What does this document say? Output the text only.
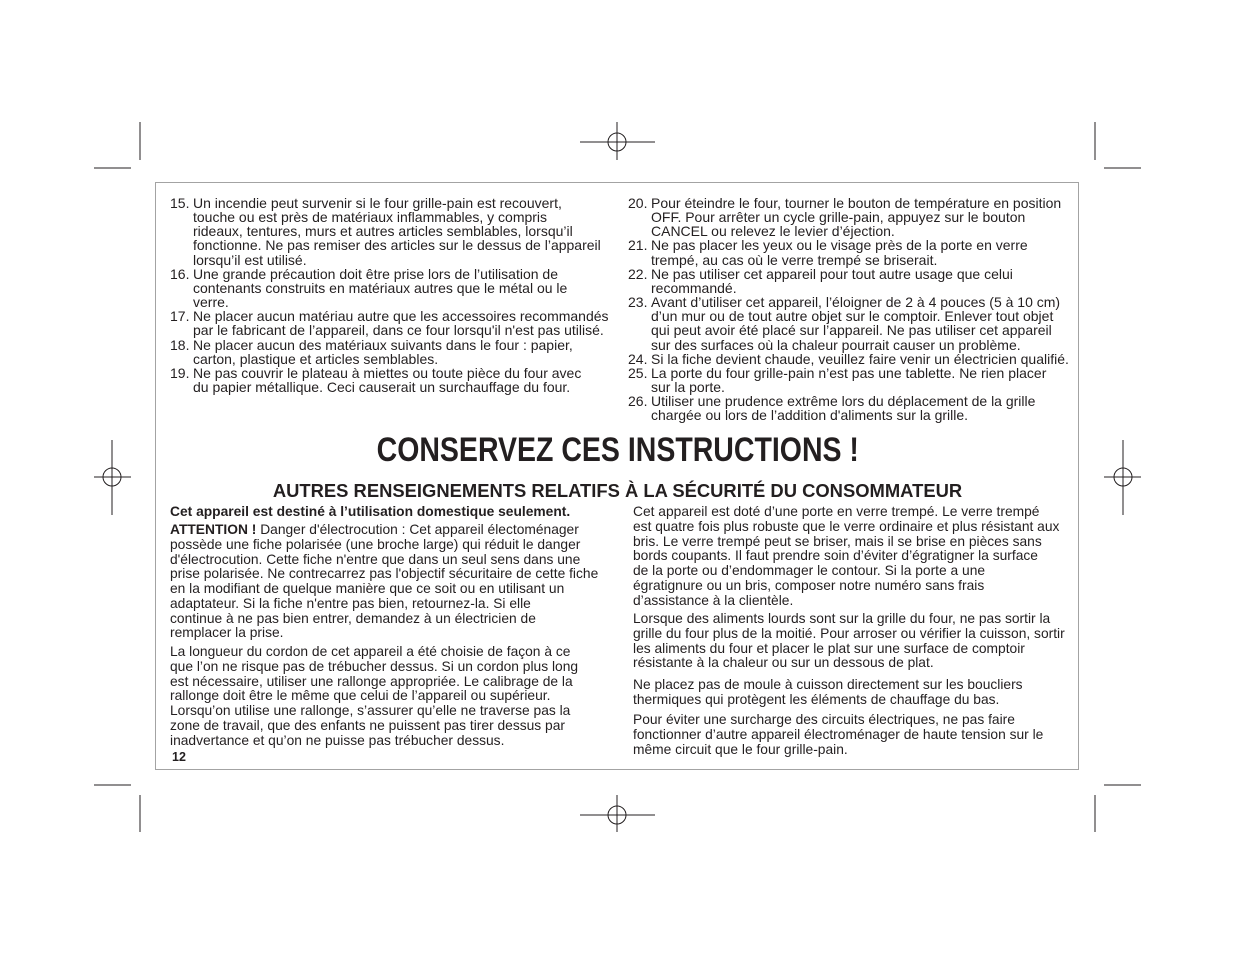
15. Un incendie peut survenir si le four grille-pain est recouvert,
touche ou est près de matériaux inflammables, y compris
rideaux, tentures, murs et autres articles semblables, lorsqu’il
fonctionne. Ne pas remiser des articles sur le dessus de l’appareil
lorsqu’il est utilisé.
16. Une grande précaution doit être prise lors de l’utilisation de
contenants construits en matériaux autres que le métal ou le
verre.
17. Ne placer aucun matériau autre que les accessoires recommandés
par le fabricant de l’appareil, dans ce four lorsqu'il n'est pas utilisé.
18. Ne placer aucun des matériaux suivants dans le four : papier,
carton, plastique et articles semblables.
19. Ne pas couvrir le plateau à miettes ou toute pièce du four avec
du papier métallique. Ceci causerait un surchauffage du four.
20. Pour éteindre le four, tourner le bouton de température en position
OFF. Pour arrêter un cycle grille-pain, appuyez sur le bouton
CANCEL ou relevez le levier d’éjection.
21. Ne pas placer les yeux ou le visage près de la porte en verre
trempé, au cas où le verre trempé se briserait.
22. Ne pas utiliser cet appareil pour tout autre usage que celui
recommandé.
23. Avant d’utiliser cet appareil, l’éloigner de 2 à 4 pouces (5 à 10 cm)
d’un mur ou de tout autre objet sur le comptoir. Enlever tout objet
qui peut avoir été placé sur l’appareil. Ne pas utiliser cet appareil
sur des surfaces où la chaleur pourrait causer un problème.
24. Si la fiche devient chaude, veuillez faire venir un électricien qualifié.
25. La porte du four grille-pain n’est pas une tablette. Ne rien placer
sur la porte.
26. Utiliser une prudence extrême lors du déplacement de la grille
chargée ou lors de l’addition d'aliments sur la grille.
CONSERVEZ CES INSTRUCTIONS !
AUTRES RENSEIGNEMENTS RELATIFS À LA SÉCURITÉ DU CONSOMMATEUR
Cet appareil est destiné à l’utilisation domestique seulement.
ATTENTION ! Danger d'électrocution : Cet appareil électoménager
possède une fiche polarisée (une broche large) qui réduit le danger
d'électrocution. Cette fiche n'entre que dans un seul sens dans une
prise polarisée. Ne contrecarrez pas l'objectif sécuritaire de cette fiche
en la modifiant de quelque manière que ce soit ou en utilisant un
adaptateur. Si la fiche n'entre pas bien, retournez-la. Si elle
continue à ne pas bien entrer, demandez à un électricien de
remplacer la prise.
La longueur du cordon de cet appareil a été choisie de façon à ce
que l’on ne risque pas de trébucher dessus. Si un cordon plus long
est nécessaire, utiliser une rallonge appropriée. Le calibrage de la
rallonge doit être le même que celui de l’appareil ou supérieur.
Lorsqu’on utilise une rallonge, s’assurer qu’elle ne traverse pas la
zone de travail, que des enfants ne puissent pas tirer dessus par
inadvertance et qu’on ne puisse pas trébucher dessus.
Cet appareil est doté d’une porte en verre trempé. Le verre trempé
est quatre fois plus robuste que le verre ordinaire et plus résistant aux
bris. Le verre trempé peut se briser, mais il se brise en pièces sans
bords coupants. Il faut prendre soin d’éviter d’égratigner la surface
de la porte ou d’endommager le contour. Si la porte a une
égratignure ou un bris, composer notre numéro sans frais
d’assistance à la clientèle.
Lorsque des aliments lourds sont sur la grille du four, ne pas sortir la
grille du four plus de la moitié. Pour arroser ou vérifier la cuisson, sortir
les aliments du four et placer le plat sur une surface de comptoir
résistante à la chaleur ou sur un dessous de plat.
Ne placez pas de moule à cuisson directement sur les boucliers
thermiques qui protègent les éléments de chauffage du bas.
Pour éviter une surcharge des circuits électriques, ne pas faire
fonctionner d’autre appareil électroménager de haute tension sur le
même circuit que le four grille-pain.
12
